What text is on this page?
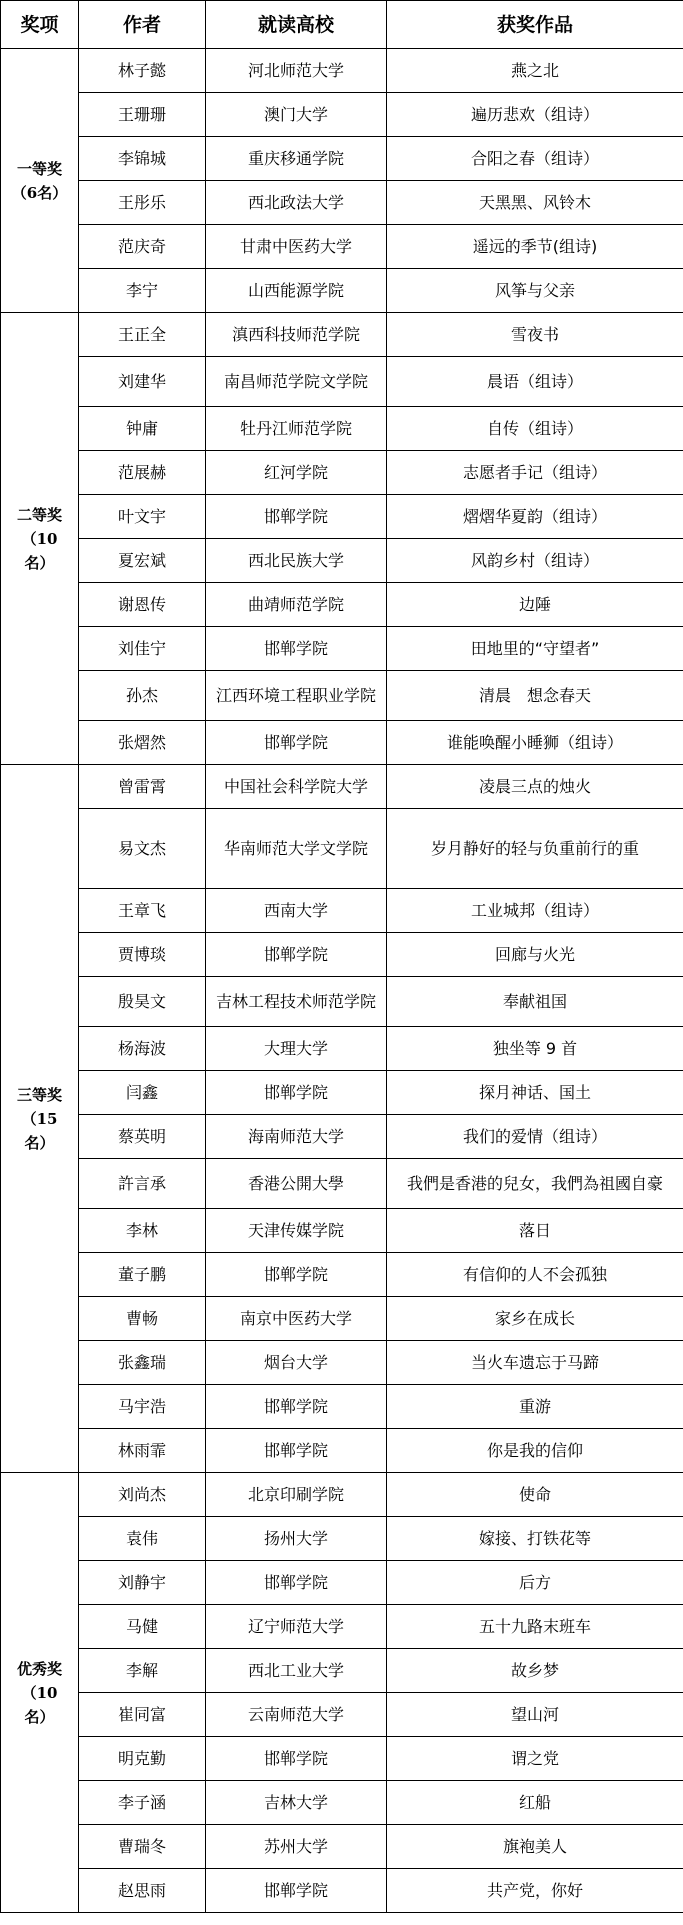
奖项	作者	就读高校	获奖作品

一等奖
（6名）	林子懿	河北师范大学	燕之北
	王珊珊	澳门大学	遍历悲欢（组诗）
	李锦城	重庆移通学院	合阳之春（组诗）
	王彤乐	西北政法大学	天黑黑、风铃木
	范庆奇	甘肃中医药大学	遥远的季节(组诗)
	李宁	山西能源学院	风筝与父亲

二等奖
（10
名）	王正全	滇西科技师范学院	雪夜书
	刘建华	南昌师范学院文学院	晨语（组诗）
	钟庸	牡丹江师范学院	自传（组诗）
	范展赫	红河学院	志愿者手记（组诗）
	叶文宇	邯郸学院	熠熠华夏韵（组诗）
	夏宏斌	西北民族大学	风韵乡村（组诗）
	谢恩传	曲靖师范学院	边陲
	刘佳宁	邯郸学院	田地里的“守望者”
	孙杰	江西环境工程职业学院	清晨　想念春天
	张熠然	邯郸学院	谁能唤醒小睡狮（组诗）

三等奖
（15
名）	曾雷霄	中国社会科学院大学	凌晨三点的烛火
	易文杰	华南师范大学文学院	岁月静好的轻与负重前行的重
	王章飞	西南大学	工业城邦（组诗）
	贾博琰	邯郸学院	回廊与火光
	殷昊文	吉林工程技术师范学院	奉献祖国
	杨海波	大理大学	独坐等 9 首
	闫鑫	邯郸学院	探月神话、国土
	蔡英明	海南师范大学	我们的爱情（组诗）
	許言承	香港公開大學	我們是香港的兒女，我們為祖國自豪
	李林	天津传媒学院	落日
	董子鹏	邯郸学院	有信仰的人不会孤独
	曹畅	南京中医药大学	家乡在成长
	张鑫瑞	烟台大学	当火车遗忘于马蹄
	马宇浩	邯郸学院	重游
	林雨霏	邯郸学院	你是我的信仰

优秀奖
（10
名）	刘尚杰	北京印刷学院	使命
	袁伟	扬州大学	嫁接、打铁花等
	刘静宇	邯郸学院	后方
	马健	辽宁师范大学	五十九路末班车
	李解	西北工业大学	故乡梦
	崔同富	云南师范大学	望山河
	明克勤	邯郸学院	谓之党
	李子涵	吉林大学	红船
	曹瑞冬	苏州大学	旗袍美人
	赵思雨	邯郸学院	共产党，你好
